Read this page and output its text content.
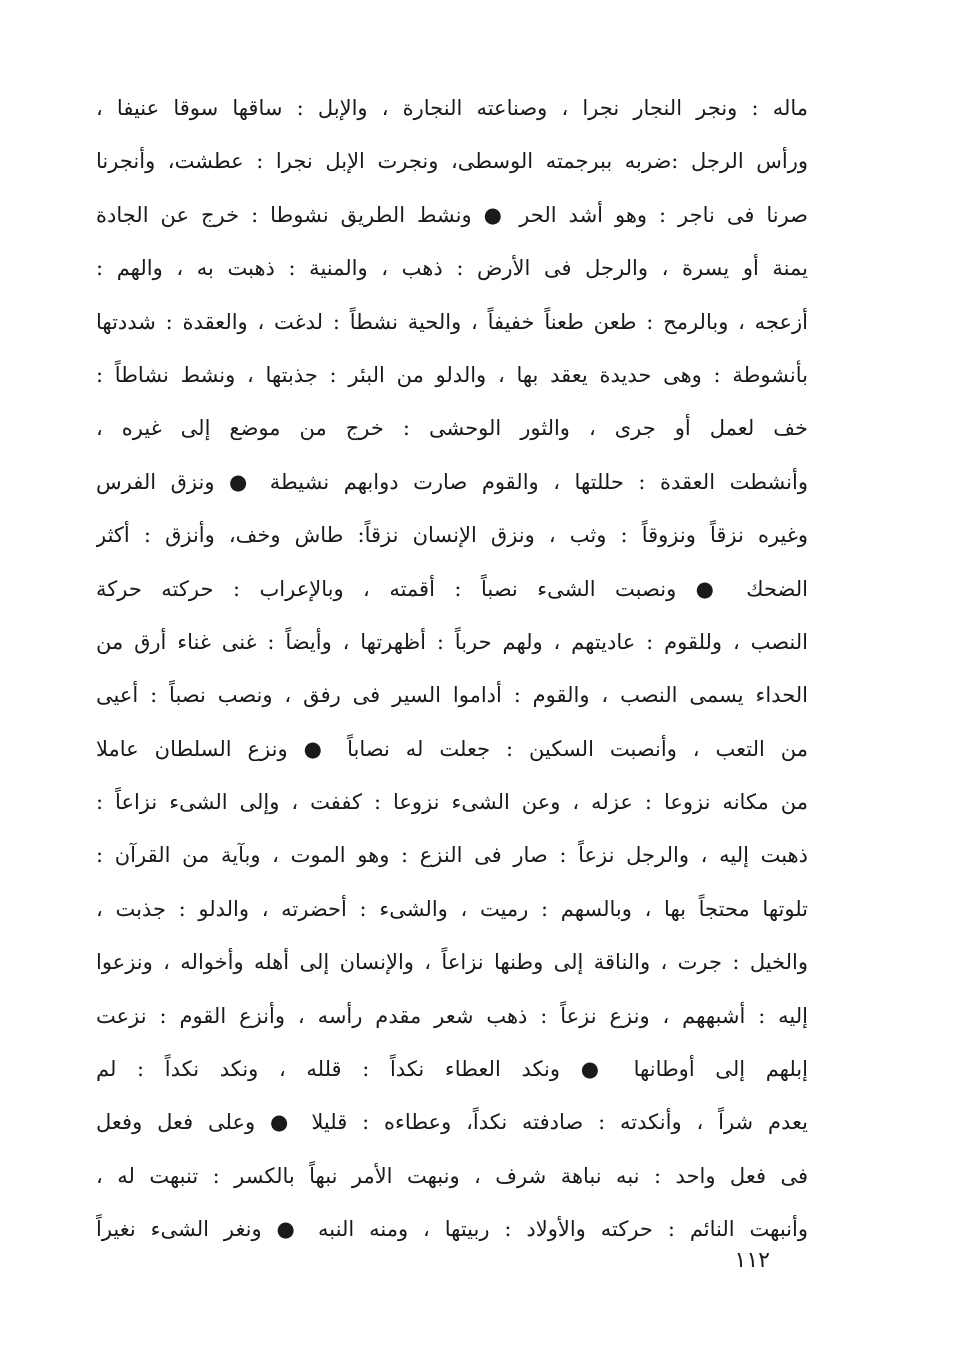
ماله : ونجر النجار نجرا ، وصناعته النجارة ، والإبل : ساقها سوقا عنيفا ،
ورأس الرجل :ضربه ببرجمته الوسطى، ونجرت الإبل نجرا : عطشت، وأنجرنا
صرنا فى ناجر : وهو أشد الحر ● ونشط الطريق نشوطا : خرج عن الجادة
يمنة أو يسرة ، والرجل فى الأرض : ذهب ، والمنية : ذهبت به ، والهم :
أزعجه ، وبالرمح : طعن طعناً خفيفاً ، والحية نشطاً : لدغت ، والعقدة : شددتها
بأنشوطة : وهى حديدة يعقد بها ، والدلو من البئر : جذبتها ، ونشط نشاطاً :
خف لعمل أو جرى ، والثور الوحشى : خرج من موضع إلى غيره ،
وأنشطت العقدة : حللتها ، والقوم صارت دوابهم نشيطة ● ونزق الفرس
وغيره نزقاً ونزوقاً : وثب ، ونزق الإنسان نزقاً: طاش وخف، وأنزق : أكثر
الضحك ● ونصبت الشىء نصباً : أقمته ، وبالإعراب : حركته حركة
النصب ، وللقوم : عاديتهم ، ولهم حرباً : أظهرتها ، وأيضاً : غنى غناء أرق من
الحداء يسمى النصب ، والقوم : أداموا السير فى رفق ، ونصب نصباً : أعيى
من التعب ، وأنصبت السكين : جعلت له نصاباً ● ونزع السلطان عاملا
من مكانه نزوعا : عزله ، وعن الشىء نزوعا : كففت ، وإلى الشىء نزاعاً :
ذهبت إليه ، والرجل نزعاً : صار فى النزع : وهو الموت ، وبآية من القرآن :
تلوتها محتجاً بها ، وبالسهم : رميت ، والشىء : أحضرته ، والدلو : جذبت ،
والخيل : جرت ، والناقة إلى وطنها نزاعاً ، والإنسان إلى أهله وأخواله ، ونزعوا
إليه : أشبههم ، ونزع نزعاً : ذهب شعر مقدم رأسه ، وأنزع القوم : نزعت
إبلهم إلى أوطانها ● ونكد العطاء نكداً : قلله ، ونكد نكداً : لم
يعدم شراً ، وأنكدته : صادفته نكداً، وعطاءه : قليلا ● وعلى فعل وفعل
فى فعل واحد : نبه نباهة شرف ، ونبهت الأمر نبهاً بالكسر : تنبهت له ،
وأنبهت النائم : حركته والأولاد : ربيتها ، ومنه النبه ● ونغر الشىء نغيراً
١١٢
